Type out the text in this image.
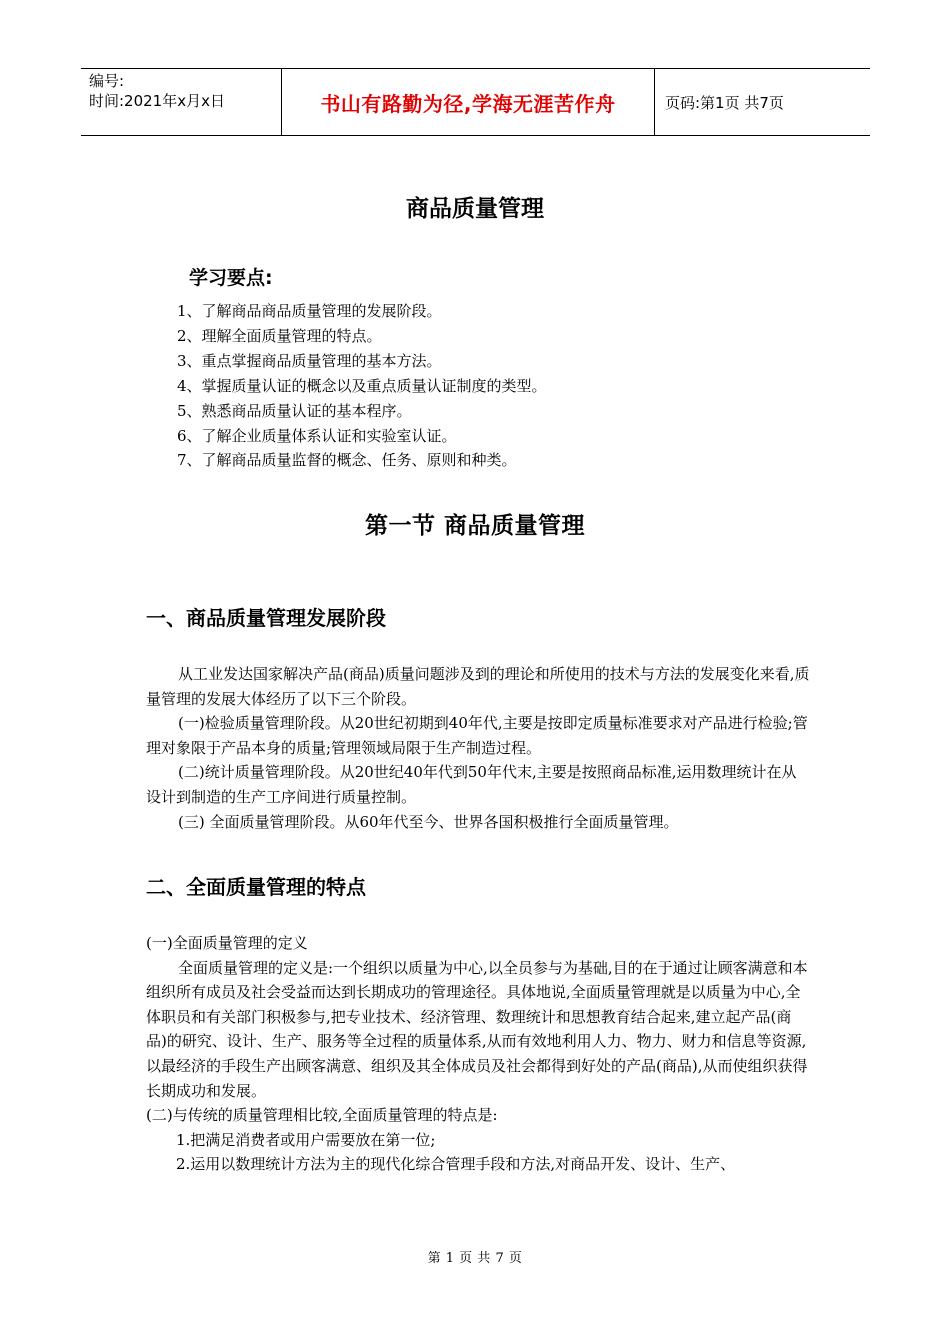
编号:
时间:2021年x月x日	书山有路勤为径,学海无涯苦作舟	页码:第1页 共7页
商品质量管理
学习要点:
1、了解商品商品质量管理的发展阶段。
2、理解全面质量管理的特点。
3、重点掌握商品质量管理的基本方法。
4、掌握质量认证的概念以及重点质量认证制度的类型。
5、熟悉商品质量认证的基本程序。
6、了解企业质量体系认证和实验室认证。
7、了解商品质量监督的概念、任务、原则和种类。
第一节 商品质量管理
一、商品质量管理发展阶段

从工业发达国家解决产品(商品)质量问题涉及到的理论和所使用的技术与方法的发展变化来看,质量管理的发展大体经历了以下三个阶段。

(一)检验质量管理阶段。从20世纪初期到40年代,主要是按即定质量标准要求对产品进行检验;管理对象限于产品本身的质量;管理领域局限于生产制造过程。

(二)统计质量管理阶段。从20世纪40年代到50年代末,主要是按照商品标准,运用数理统计在从设计到制造的生产工序间进行质量控制。

(三) 全面质量管理阶段。从60年代至今、世界各国积极推行全面质量管理。

二、全面质量管理的特点

(一)全面质量管理的定义

全面质量管理的定义是:一个组织以质量为中心,以全员参与为基础,目的在于通过让顾客满意和本组织所有成员及社会受益而达到长期成功的管理途径。具体地说,全面质量管理就是以质量为中心,全体职员和有关部门积极参与,把专业技术、经济管理、数理统计和思想教育结合起来,建立起产品(商品)的研究、设计、生产、服务等全过程的质量体系,从而有效地利用人力、物力、财力和信息等资源,以最经济的手段生产出顾客满意、组织及其全体成员及社会都得到好处的产品(商品),从而使组织获得长期成功和发展。

(二)与传统的质量管理相比较,全面质量管理的特点是:

1.把满足消费者或用户需要放在第一位;

2.运用以数理统计方法为主的现代化综合管理手段和方法,对商品开发、设计、生产、

第 1 页 共 7 页
